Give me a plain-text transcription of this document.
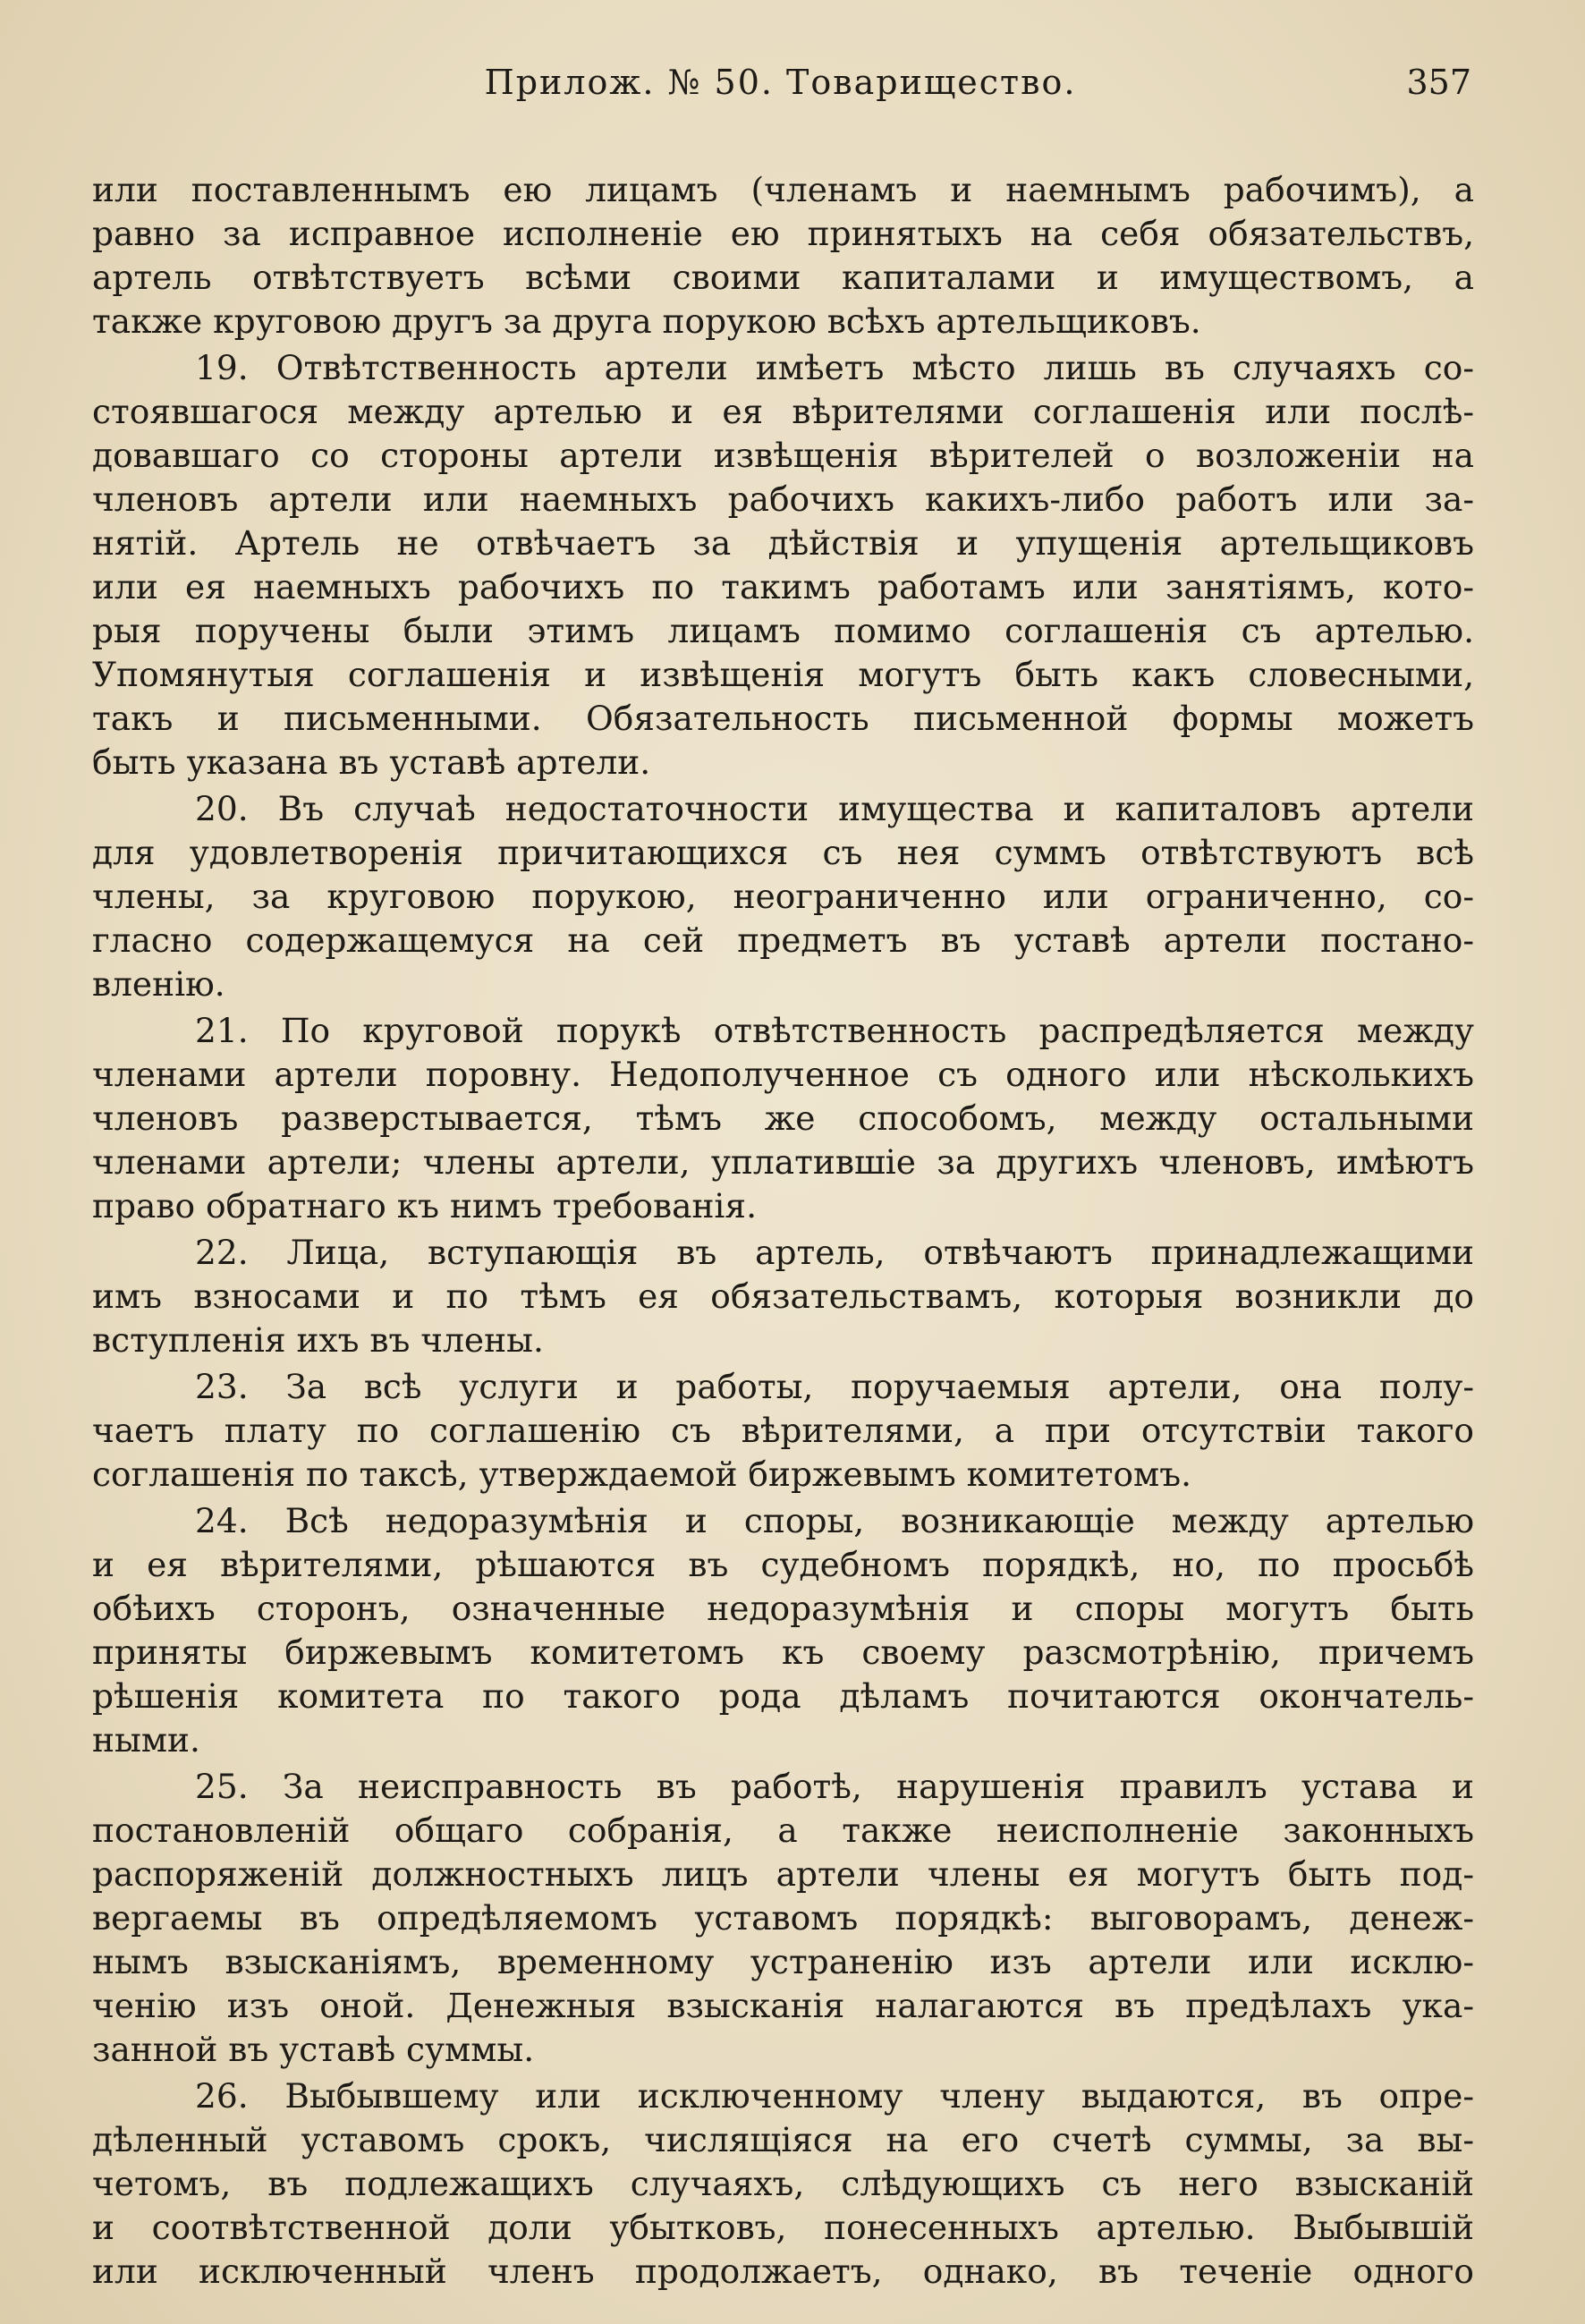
Прилож. № 50. Товарищество.	357
или поставленнымъ ею лицамъ (членамъ и наемнымъ рабочимъ), а
равно за исправное исполненіе ею принятыхъ на себя обязательствъ,
артель отвѣтствуетъ всѣми своими капиталами и имуществомъ, а
также круговою другъ за друга порукою всѣхъ артельщиковъ.
19. Отвѣтственность артели имѣетъ мѣсто лишь въ случаяхъ со-
стоявшагося между артелью и ея вѣрителями соглашенія или послѣ-
довавшаго со стороны артели извѣщенія вѣрителей о возложеніи на
членовъ артели или наемныхъ рабочихъ какихъ-либо работъ или за-
нятій. Артель не отвѣчаетъ за дѣйствія и упущенія артельщиковъ
или ея наемныхъ рабочихъ по такимъ работамъ или занятіямъ, кото-
рыя поручены были этимъ лицамъ помимо соглашенія съ артелью.
Упомянутыя соглашенія и извѣщенія могутъ быть какъ словесными,
такъ и письменными. Обязательность письменной формы можетъ
быть указана въ уставѣ артели.
20. Въ случаѣ недостаточности имущества и капиталовъ артели
для удовлетворенія причитающихся съ нея суммъ отвѣтствуютъ всѣ
члены, за круговою порукою, неограниченно или ограниченно, со-
гласно содержащемуся на сей предметъ въ уставѣ артели постано-
вленію.
21. По круговой порукѣ отвѣтственность распредѣляется между
членами артели поровну. Недополученное съ одного или нѣсколькихъ
членовъ разверстывается, тѣмъ же способомъ, между остальными
членами артели; члены артели, уплатившіе за другихъ членовъ, имѣютъ
право обратнаго къ нимъ требованія.
22. Лица, вступающія въ артель, отвѣчаютъ принадлежащими
имъ взносами и по тѣмъ ея обязательствамъ, которыя возникли до
вступленія ихъ въ члены.
23. За всѣ услуги и работы, поручаемыя артели, она полу-
чаетъ плату по соглашенію съ вѣрителями, а при отсутствіи такого
соглашенія по таксѣ, утверждаемой биржевымъ комитетомъ.
24. Всѣ недоразумѣнія и споры, возникающіе между артелью
и ея вѣрителями, рѣшаются въ судебномъ порядкѣ, но, по просьбѣ
обѣихъ сторонъ, означенные недоразумѣнія и споры могутъ быть
приняты биржевымъ комитетомъ къ своему разсмотрѣнію, причемъ
рѣшенія комитета по такого рода дѣламъ почитаются окончатель-
ными.
25. За неисправность въ работѣ, нарушенія правилъ устава и
постановленій общаго собранія, а также неисполненіе законныхъ
распоряженій должностныхъ лицъ артели члены ея могутъ быть под-
вергаемы въ опредѣляемомъ уставомъ порядкѣ: выговорамъ, денеж-
нымъ взысканіямъ, временному устраненію изъ артели или исклю-
ченію изъ оной. Денежныя взысканія налагаются въ предѣлахъ ука-
занной въ уставѣ суммы.
26. Выбывшему или исключенному члену выдаются, въ опре-
дѣленный уставомъ срокъ, числящіяся на его счетѣ суммы, за вы-
четомъ, въ подлежащихъ случаяхъ, слѣдующихъ съ него взысканій
и соотвѣтственной доли убытковъ, понесенныхъ артелью. Выбывшій
или исключенный членъ продолжаетъ, однако, въ теченіе одного
